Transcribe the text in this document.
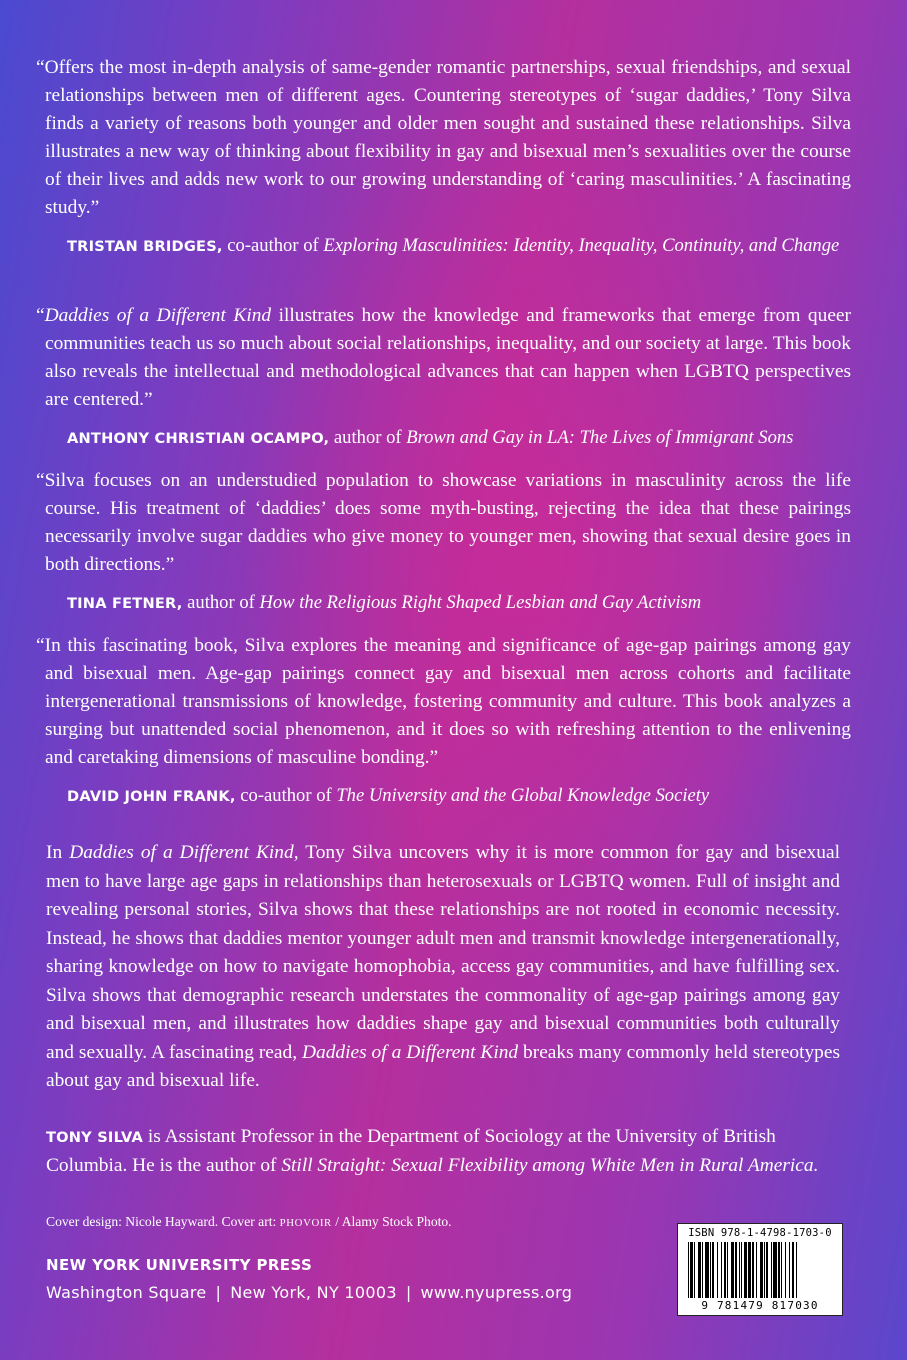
“Offers the most in-depth analysis of same-gender romantic partnerships, sexual friendships, and sexual relationships between men of different ages. Countering stereotypes of ‘sugar daddies,’ Tony Silva finds a variety of reasons both younger and older men sought and sustained these relationships. Silva illustrates a new way of thinking about flexibility in gay and bisexual men’s sexualities over the course of their lives and adds new work to our growing understanding of ‘caring masculinities.’ A fascinating study.”

TRISTAN BRIDGES, co-author of Exploring Masculinities: Identity, Inequality, Continuity, and Change

“Daddies of a Different Kind illustrates how the knowledge and frameworks that emerge from queer communities teach us so much about social relationships, inequality, and our society at large. This book also reveals the intellectual and methodological advances that can happen when LGBTQ perspectives are centered.”

ANTHONY CHRISTIAN OCAMPO, author of Brown and Gay in LA: The Lives of Immigrant Sons

“Silva focuses on an understudied population to showcase variations in masculinity across the life course. His treatment of ‘daddies’ does some myth-busting, rejecting the idea that these pairings necessarily involve sugar daddies who give money to younger men, showing that sexual desire goes in both directions.”

TINA FETNER, author of How the Religious Right Shaped Lesbian and Gay Activism

“In this fascinating book, Silva explores the meaning and significance of age-gap pairings among gay and bisexual men. Age-gap pairings connect gay and bisexual men across cohorts and facilitate intergenerational transmissions of knowledge, fostering community and culture. This book analyzes a surging but unattended social phenomenon, and it does so with refreshing attention to the enlivening and caretaking dimensions of masculine bonding.”

DAVID JOHN FRANK, co-author of The University and the Global Knowledge Society

In Daddies of a Different Kind, Tony Silva uncovers why it is more common for gay and bisexual men to have large age gaps in relationships than heterosexuals or LGBTQ women. Full of insight and revealing personal stories, Silva shows that these relationships are not rooted in economic necessity. Instead, he shows that daddies mentor younger adult men and transmit knowledge intergenerationally, sharing knowledge on how to navigate homophobia, access gay communities, and have fulfilling sex. Silva shows that demographic research understates the commonality of age-gap pairings among gay and bisexual men, and illustrates how daddies shape gay and bisexual communities both culturally and sexually. A fascinating read, Daddies of a Different Kind breaks many commonly held stereotypes about gay and bisexual life.

TONY SILVA is Assistant Professor in the Department of Sociology at the University of British Columbia. He is the author of Still Straight: Sexual Flexibility among White Men in Rural America.

Cover design: Nicole Hayward. Cover art: PHOVOIR / Alamy Stock Photo.

NEW YORK UNIVERSITY PRESS

Washington Square | New York, NY 10003 | www.nyupress.org

ISBN 978-1-4798-1703-0
9 781479 817030
